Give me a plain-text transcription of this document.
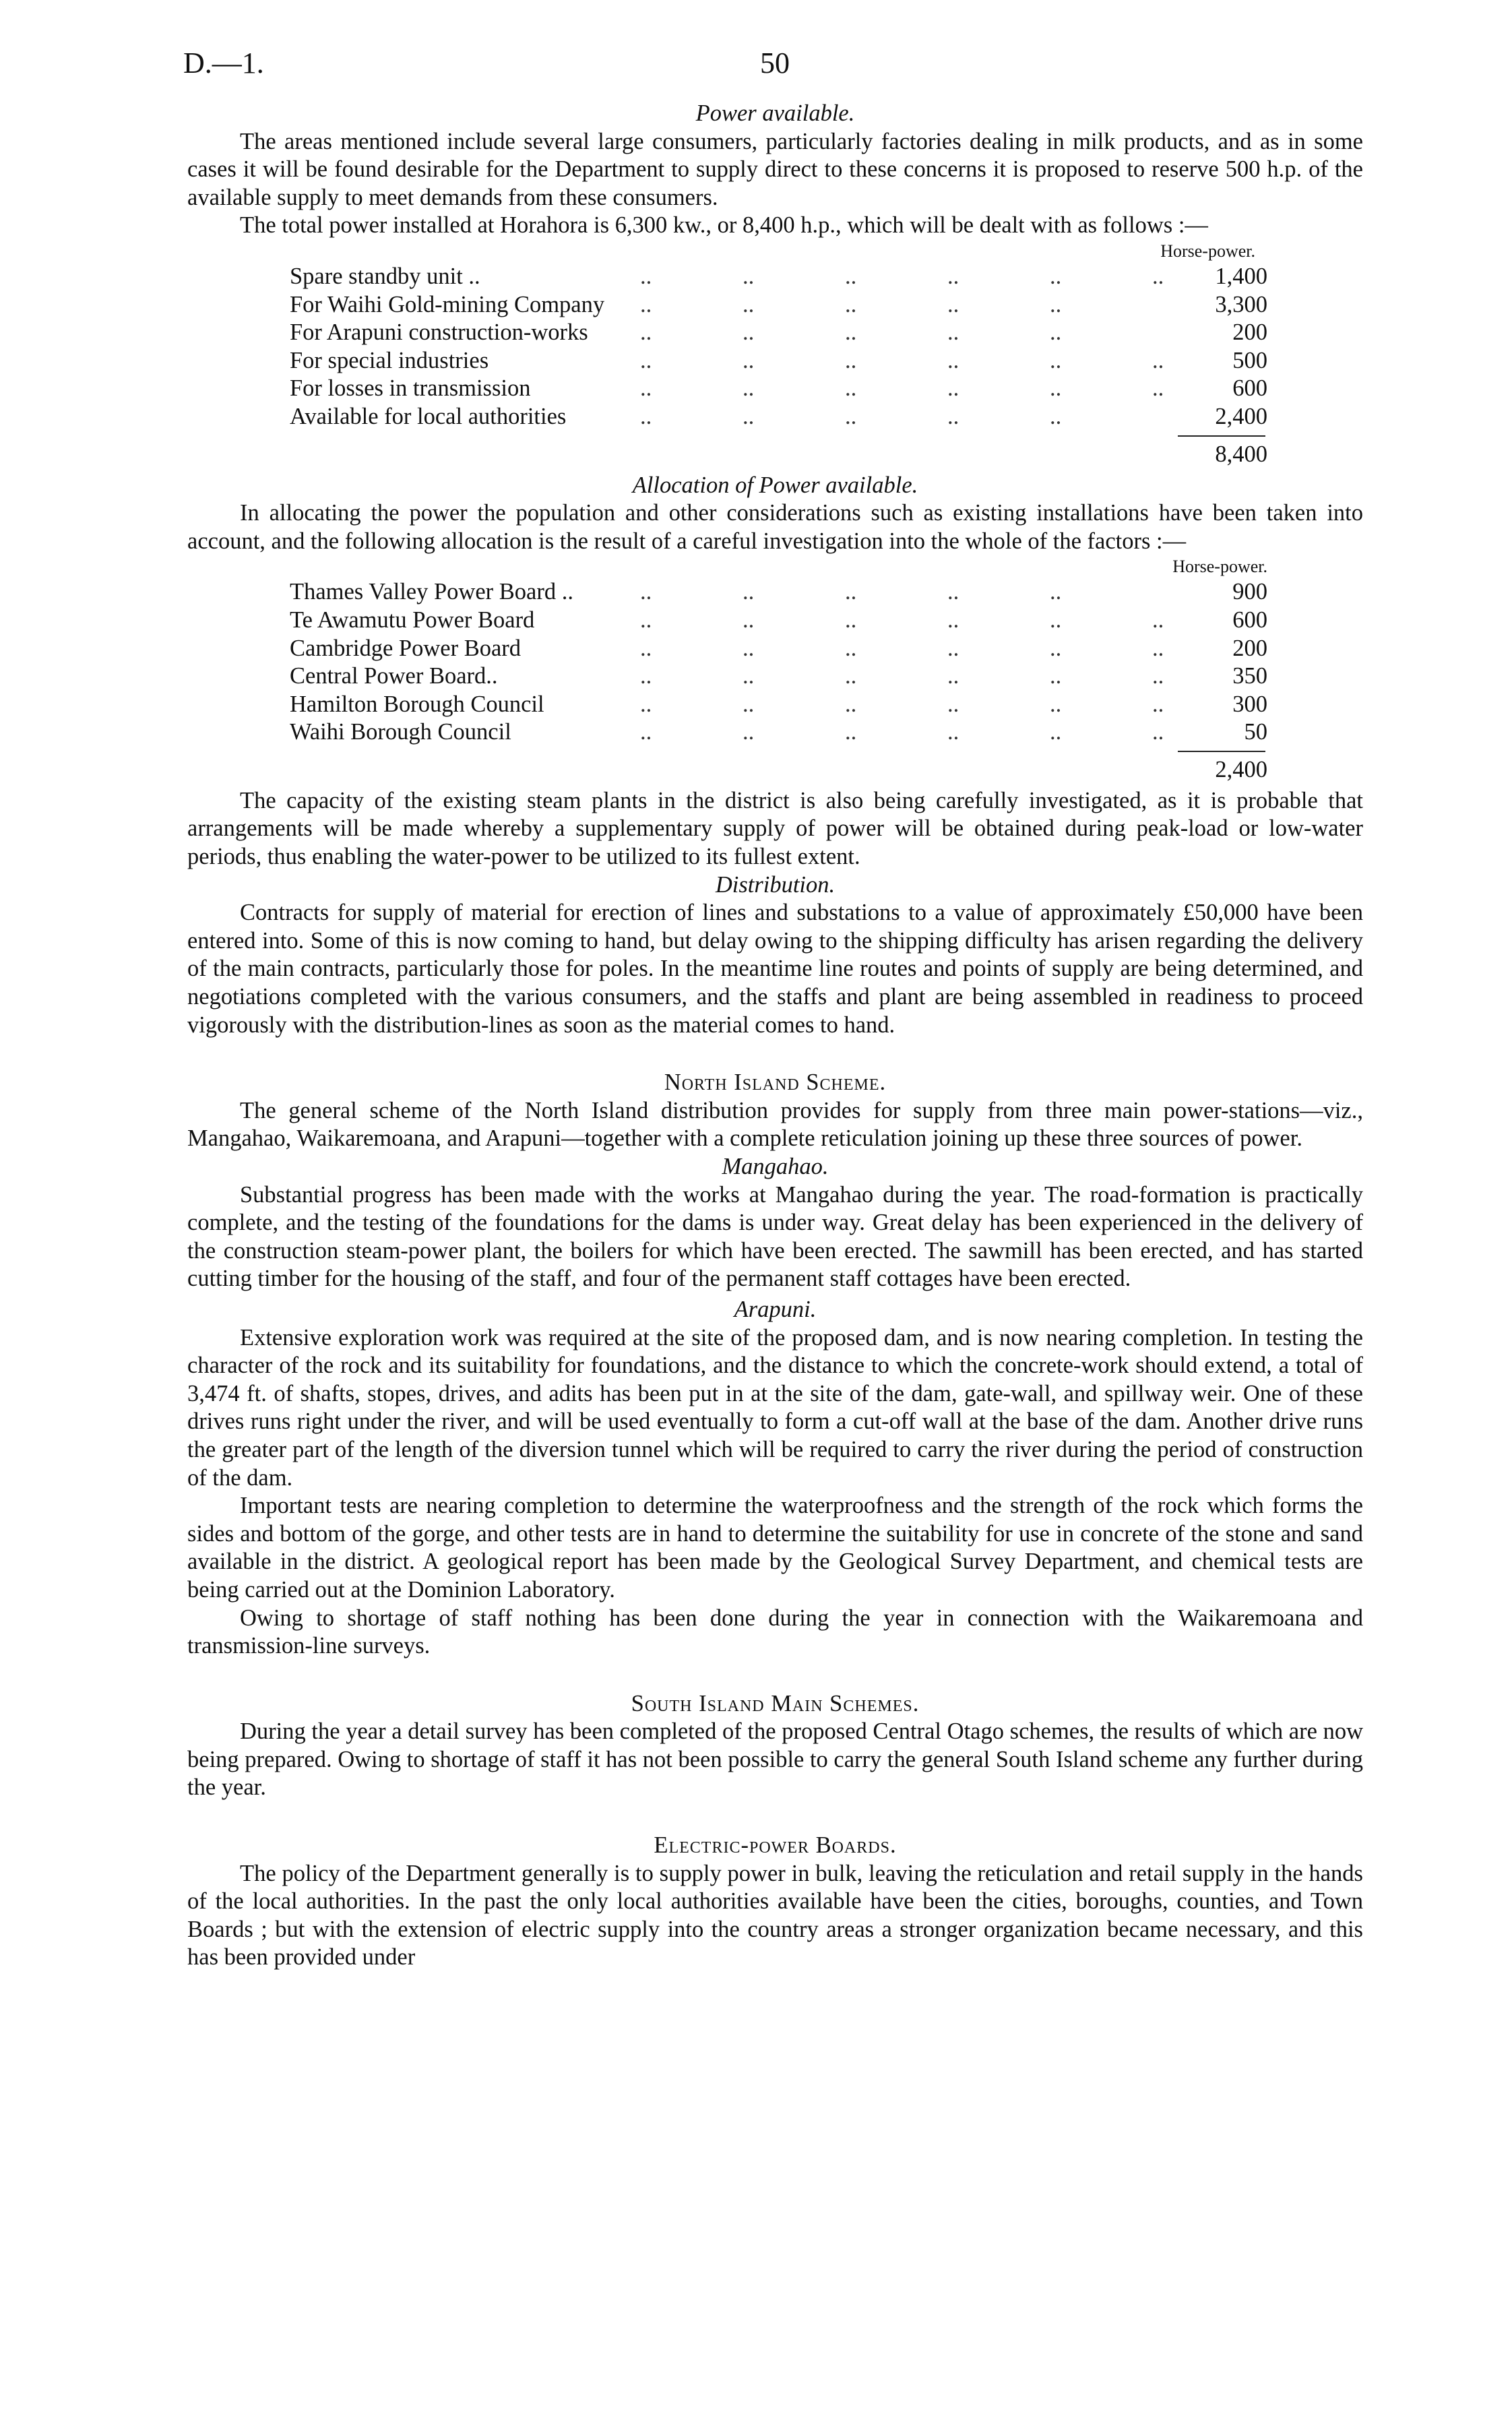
D.—1.	50
Power available.

The areas mentioned include several large consumers, particularly factories dealing in milk products, and as in some cases it will be found desirable for the Department to supply direct to these concerns it is proposed to reserve 500 h.p. of the available supply to meet demands from these consumers.

The total power installed at Horahora is 6,300 kw., or 8,400 h.p., which will be dealt with as follows :—

Horse-power.
Spare standby unit ..	.. .. .. .. .. ..	1,400
For Waihi Gold-mining Company	.. .. .. .. ..	3,300
For Arapuni construction-works	.. .. .. .. ..	200
For special industries	.. .. .. .. .. ..	500
For losses in transmission	.. .. .. .. .. ..	600
Available for local authorities	.. .. .. .. ..	2,400
8,400
Allocation of Power available.

In allocating the power the population and other considerations such as existing installations have been taken into account, and the following allocation is the result of a careful investigation into the whole of the factors :—

Horse-power.
Thames Valley Power Board ..	.. .. .. .. ..	900
Te Awamutu Power Board	.. .. .. .. .. ..	600
Cambridge Power Board	.. .. .. .. .. ..	200
Central Power Board..	.. .. .. .. .. ..	350
Hamilton Borough Council	.. .. .. .. .. ..	300
Waihi Borough Council	.. .. .. .. .. ..	50
2,400

The capacity of the existing steam plants in the district is also being carefully investigated, as it is probable that arrangements will be made whereby a supplementary supply of power will be obtained during peak-load or low-water periods, thus enabling the water-power to be utilized to its fullest extent.

Distribution.

Contracts for supply of material for erection of lines and substations to a value of approximately £50,000 have been entered into. Some of this is now coming to hand, but delay owing to the shipping difficulty has arisen regarding the delivery of the main contracts, particularly those for poles. In the meantime line routes and points of supply are being determined, and negotiations completed with the various consumers, and the staffs and plant are being assembled in readiness to proceed vigorously with the distribution-lines as soon as the material comes to hand.

North Island Scheme.

The general scheme of the North Island distribution provides for supply from three main power-stations—viz., Mangahao, Waikaremoana, and Arapuni—together with a complete reticulation joining up these three sources of power.

Mangahao.

Substantial progress has been made with the works at Mangahao during the year. The road-formation is practically complete, and the testing of the foundations for the dams is under way. Great delay has been experienced in the delivery of the construction steam-power plant, the boilers for which have been erected. The sawmill has been erected, and has started cutting timber for the housing of the staff, and four of the permanent staff cottages have been erected.

Arapuni.

Extensive exploration work was required at the site of the proposed dam, and is now nearing completion. In testing the character of the rock and its suitability for foundations, and the distance to which the concrete-work should extend, a total of 3,474 ft. of shafts, stopes, drives, and adits has been put in at the site of the dam, gate-wall, and spillway weir. One of these drives runs right under the river, and will be used eventually to form a cut-off wall at the base of the dam. Another drive runs the greater part of the length of the diversion tunnel which will be required to carry the river during the period of construction of the dam.

Important tests are nearing completion to determine the waterproofness and the strength of the rock which forms the sides and bottom of the gorge, and other tests are in hand to determine the suitability for use in concrete of the stone and sand available in the district. A geological report has been made by the Geological Survey Department, and chemical tests are being carried out at the Dominion Laboratory.

Owing to shortage of staff nothing has been done during the year in connection with the Waikaremoana and transmission-line surveys.

South Island Main Schemes.

During the year a detail survey has been completed of the proposed Central Otago schemes, the results of which are now being prepared. Owing to shortage of staff it has not been possible to carry the general South Island scheme any further during the year.

Electric-power Boards.

The policy of the Department generally is to supply power in bulk, leaving the reticulation and retail supply in the hands of the local authorities. In the past the only local authorities available have been the cities, boroughs, counties, and Town Boards ; but with the extension of electric supply into the country areas a stronger organization became necessary, and this has been provided under
